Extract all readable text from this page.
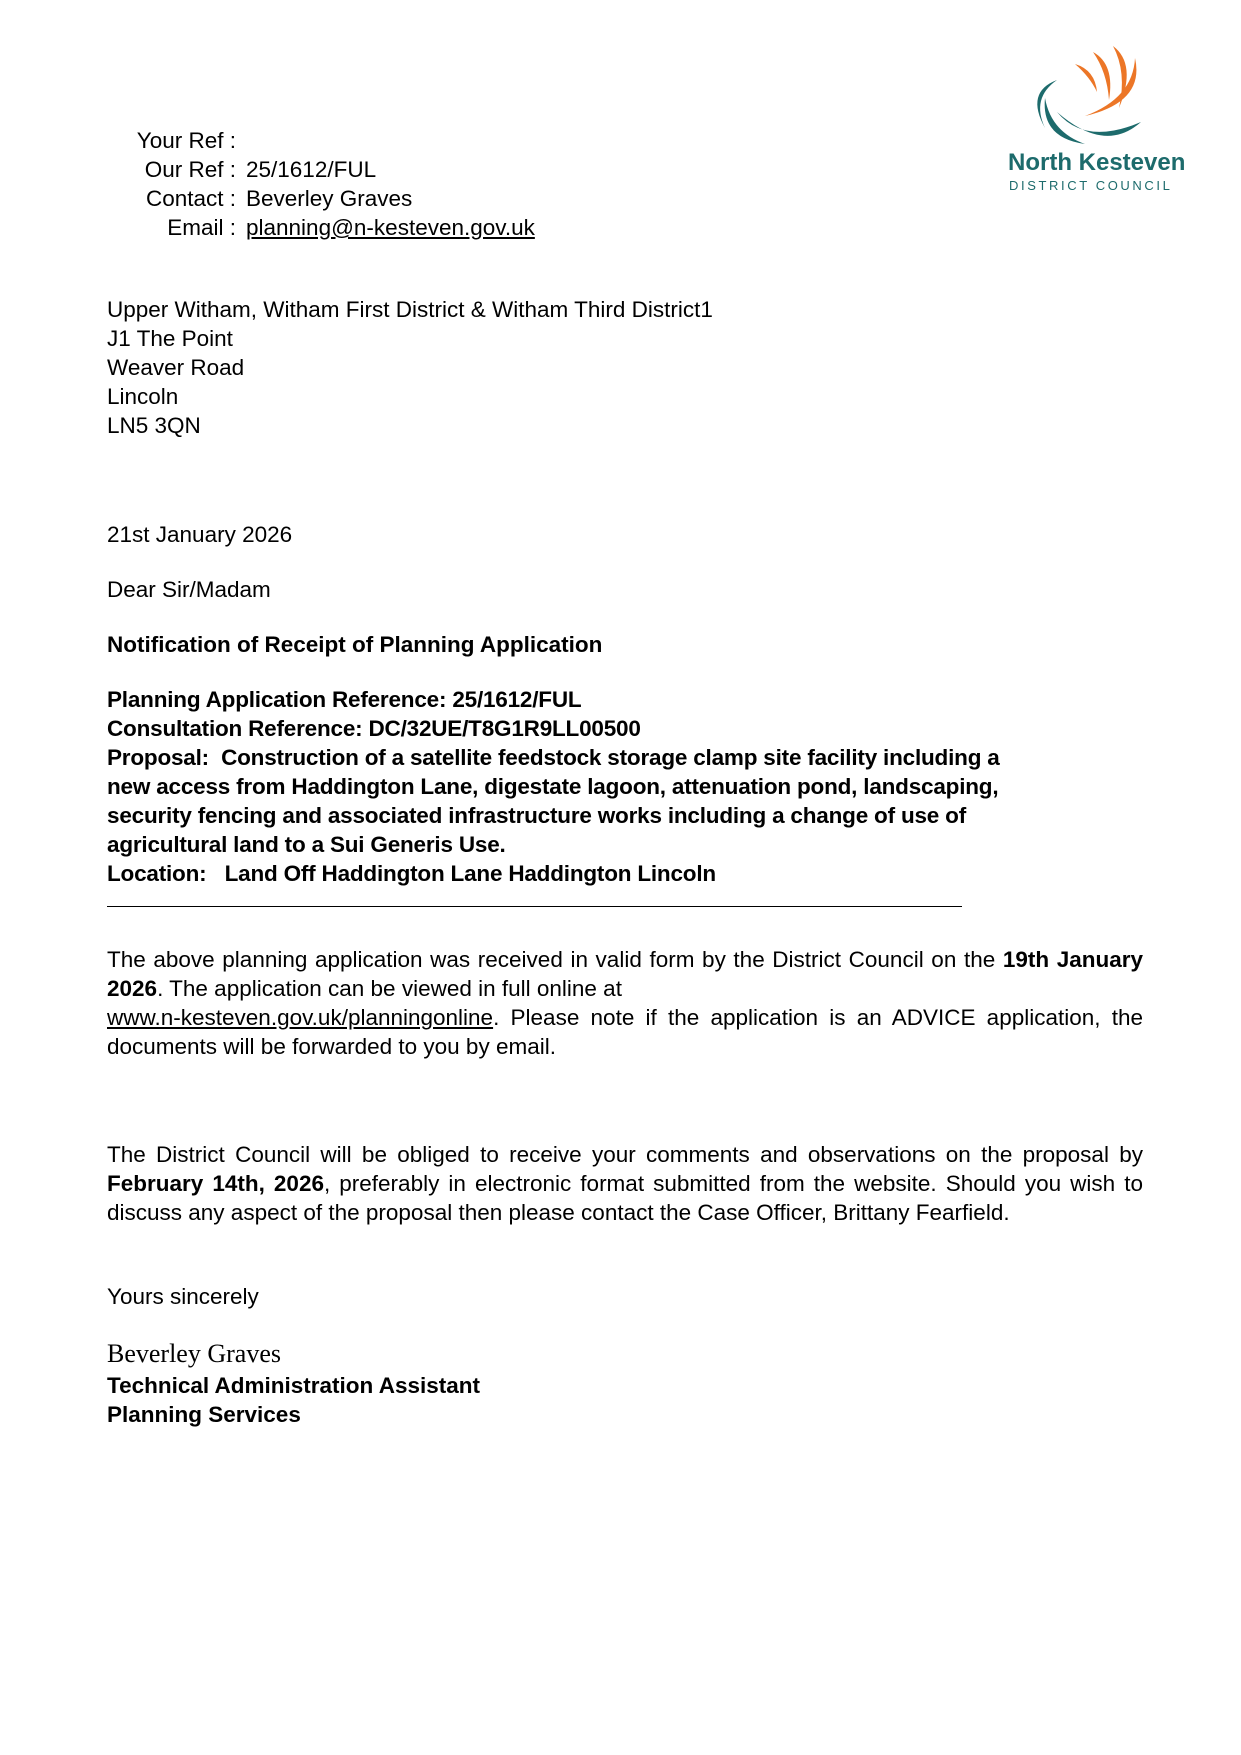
North Kesteven
DISTRICT COUNCIL
Your Ref :
Our Ref : 25/1612/FUL
Contact : Beverley Graves
Email : planning@n-kesteven.gov.uk
Upper Witham, Witham First District & Witham Third District1
J1 The Point
Weaver Road
Lincoln
LN5 3QN
21st January 2026
Dear Sir/Madam
Notification of Receipt of Planning Application
Planning Application Reference: 25/1612/FUL
Consultation Reference: DC/32UE/T8G1R9LL00500
Proposal:  Construction of a satellite feedstock storage clamp site facility including a
new access from Haddington Lane, digestate lagoon, attenuation pond, landscaping,
security fencing and associated infrastructure works including a change of use of
agricultural land to a Sui Generis Use.
Location:   Land Off Haddington Lane Haddington Lincoln
The above planning application was received in valid form by the District Council on the 19th January 2026. The application can be viewed in full online at
www.n-kesteven.gov.uk/planningonline. Please note if the application is an ADVICE application, the documents will be forwarded to you by email.
The District Council will be obliged to receive your comments and observations on the proposal by February 14th, 2026, preferably in electronic format submitted from the website. Should you wish to discuss any aspect of the proposal then please contact the Case Officer, Brittany Fearfield.
Yours sincerely
Beverley Graves
Technical Administration Assistant
Planning Services
